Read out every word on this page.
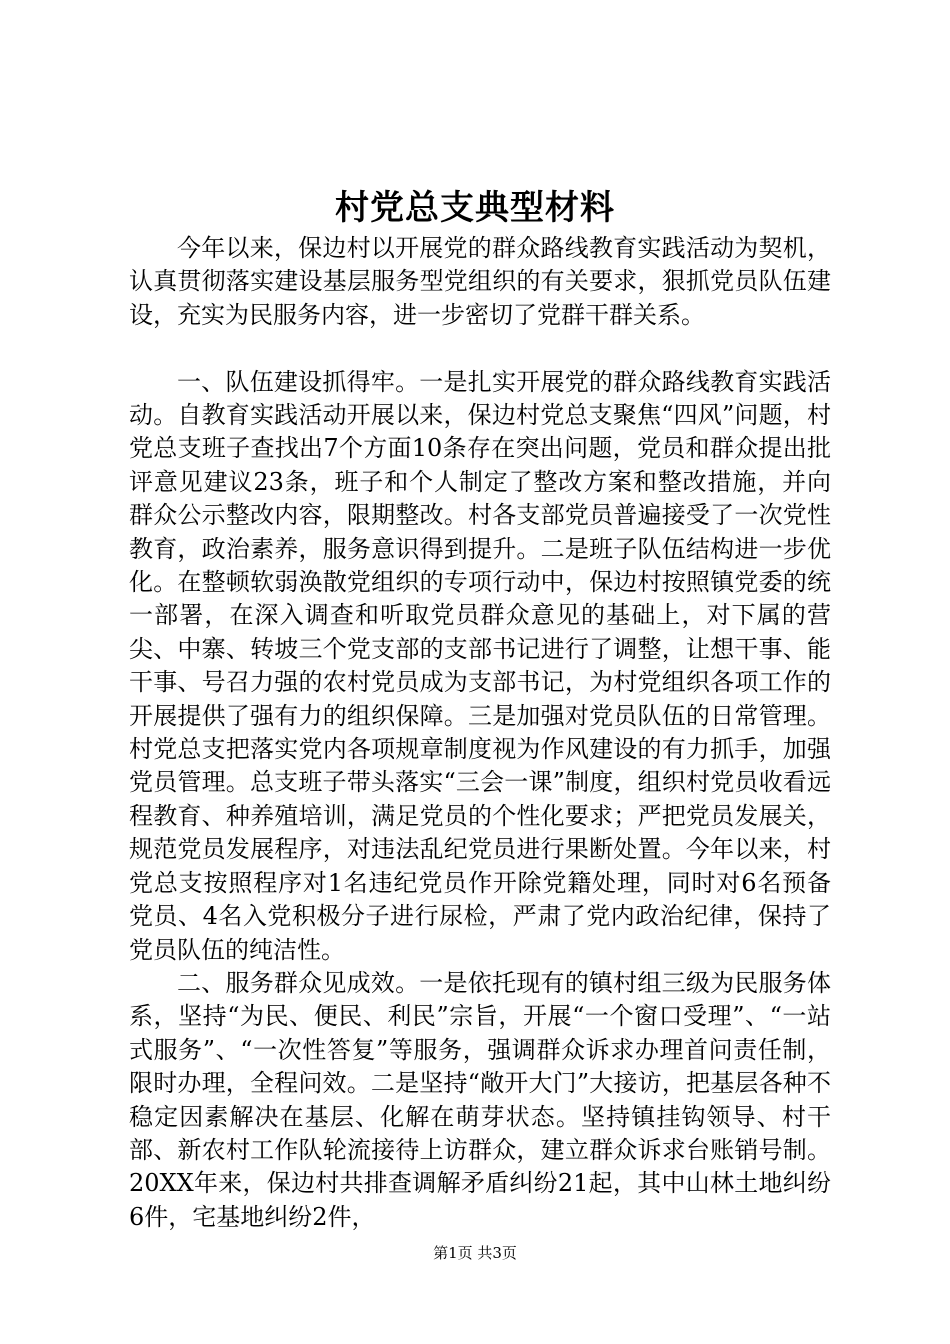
村党总支典型材料

今年以来，保边村以开展党的群众路线教育实践活动为契机，认真贯彻落实建设基层服务型党组织的有关要求，狠抓党员队伍建设，充实为民服务内容，进一步密切了党群干群关系。

一、队伍建设抓得牢。一是扎实开展党的群众路线教育实践活动。自教育实践活动开展以来，保边村党总支聚焦“四风”问题，村党总支班子查找出7个方面10条存在突出问题，党员和群众提出批评意见建议23条，班子和个人制定了整改方案和整改措施，并向群众公示整改内容，限期整改。村各支部党员普遍接受了一次党性教育，政治素养，服务意识得到提升。二是班子队伍结构进一步优化。在整顿软弱涣散党组织的专项行动中，保边村按照镇党委的统一部署，在深入调查和听取党员群众意见的基础上，对下属的营尖、中寨、转坡三个党支部的支部书记进行了调整，让想干事、能干事、号召力强的农村党员成为支部书记，为村党组织各项工作的开展提供了强有力的组织保障。三是加强对党员队伍的日常管理。村党总支把落实党内各项规章制度视为作风建设的有力抓手，加强党员管理。总支班子带头落实“三会一课”制度，组织村党员收看远程教育、种养殖培训，满足党员的个性化要求；严把党员发展关，规范党员发展程序，对违法乱纪党员进行果断处置。今年以来，村党总支按照程序对1名违纪党员作开除党籍处理，同时对6名预备党员、4名入党积极分子进行尿检，严肃了党内政治纪律，保持了党员队伍的纯洁性。

二、服务群众见成效。一是依托现有的镇村组三级为民服务体系，坚持“为民、便民、利民”宗旨，开展“一个窗口受理”、“一站式服务”、“一次性答复”等服务，强调群众诉求办理首问责任制，限时办理，全程问效。二是坚持“敞开大门”大接访，把基层各种不稳定因素解决在基层、化解在萌芽状态。坚持镇挂钩领导、村干部、新农村工作队轮流接待上访群众，建立群众诉求台账销号制。20XX年来，保边村共排查调解矛盾纠纷21起，其中山林土地纠纷6件，宅基地纠纷2件，

第1页 共3页
